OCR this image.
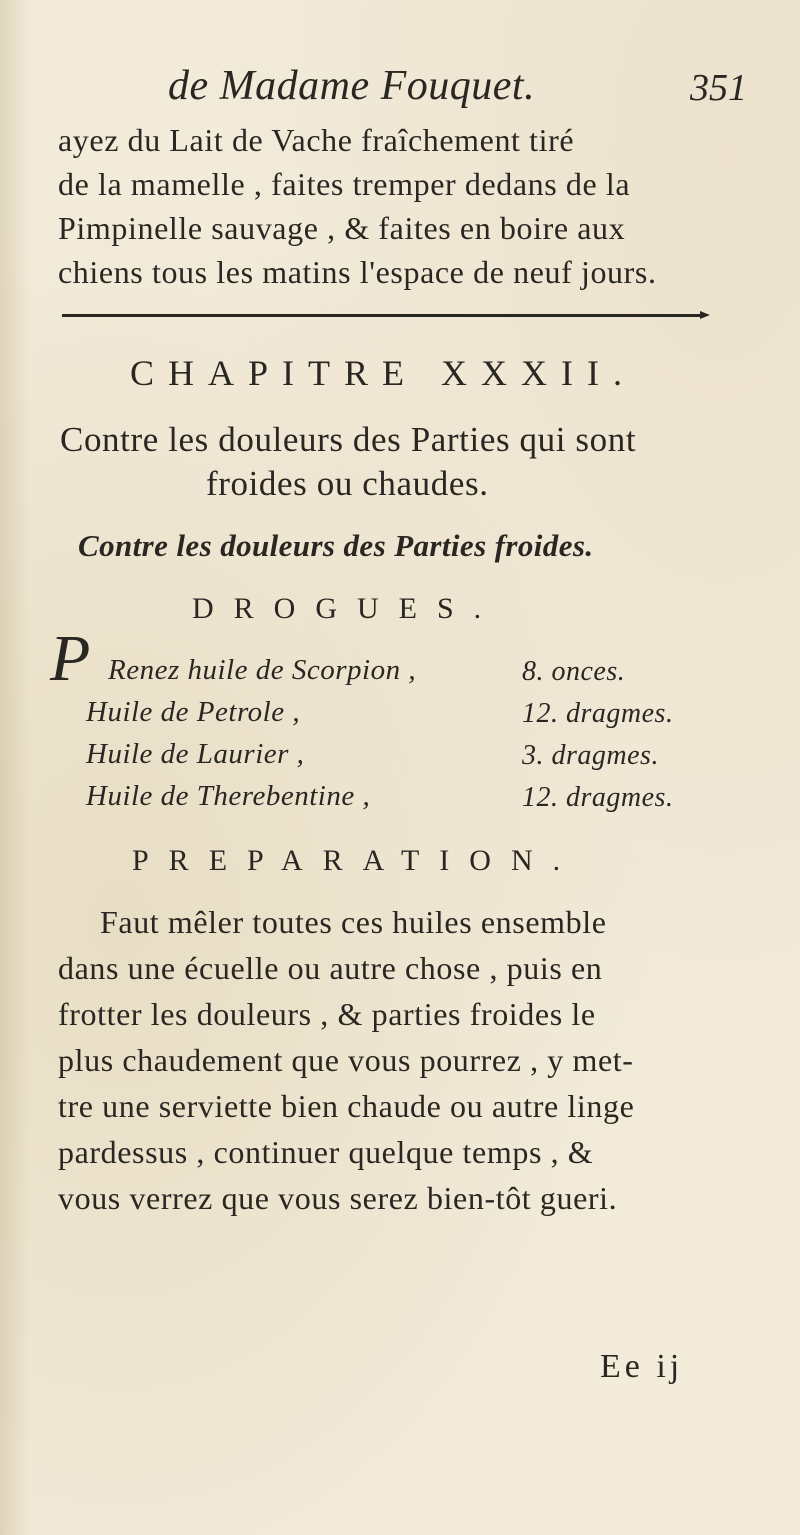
de Madame Fouquet.	351
ayez du Lait de Vache fraîchement tiré
de la mamelle , faites tremper dedans de la
Pimpinelle sauvage , & faites en boire aux
chiens tous les matins l'espace de neuf jours.
CHAPITRE XXXII.
Contre les douleurs des Parties qui sont
froides ou chaudes.
Contre les douleurs des Parties froides.
DROGUES.
P Renez huile de Scorpion ,	8. onces.
Huile de Petrole ,	12. dragmes.
Huile de Laurier ,	3. dragmes.
Huile de Therebentine ,	12. dragmes.
PREPARATION.
Faut mêler toutes ces huiles ensemble
dans une écuelle ou autre chose , puis en
frotter les douleurs , & parties froides le
plus chaudement que vous pourrez , y met-
tre une serviette bien chaude ou autre linge
pardessus , continuer quelque temps , &
vous verrez que vous serez bien-tôt gueri.
Ee ij
